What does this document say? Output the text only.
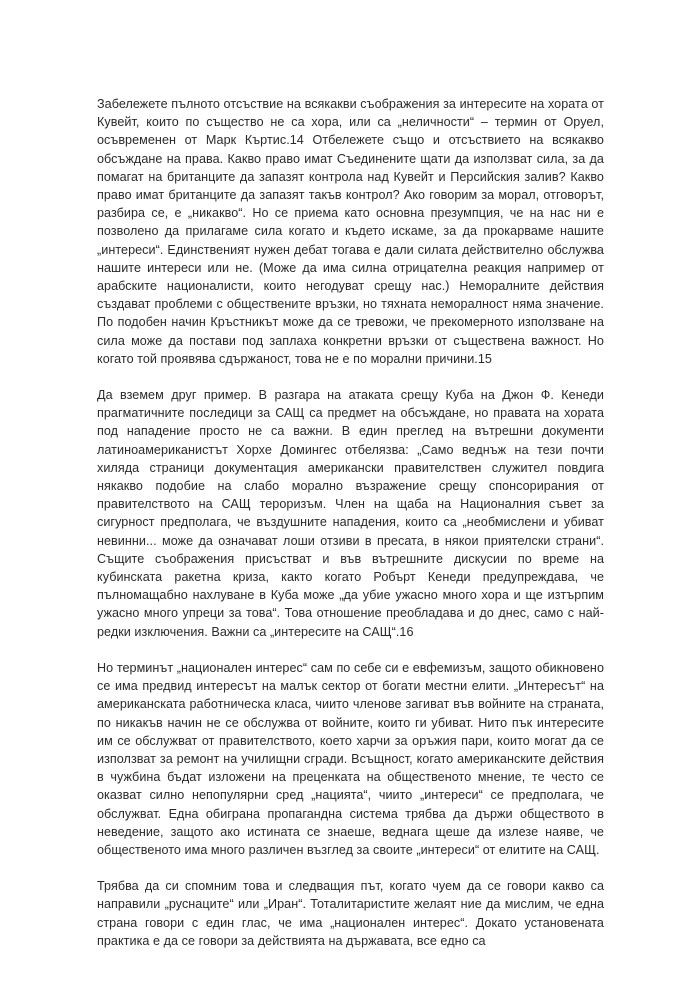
Забележете пълното отсъствие на всякакви съображения за интересите на хората от Кувейт, които по същество не са хора, или са „неличности“ – термин от Оруел, осъвременен от Марк Къртис.14 Отбележете също и отсъствието на всякакво обсъждане на права. Какво право имат Съединените щати да използват сила, за да помагат на британците да запазят контрола над Кувейт и Персийския залив? Какво право имат британците да запазят такъв контрол? Ако говорим за морал, отговорът, разбира се, е „никакво“. Но се приема като основна презумпция, че на нас ни е позволено да прилагаме сила когато и където искаме, за да прокарваме нашите „интереси“. Единственият нужен дебат тогава е дали силата действително обслужва нашите интереси или не. (Може да има силна отрицателна реакция например от арабските националисти, които негодуват срещу нас.) Неморалните действия създават проблеми с обществените връзки, но тяхната неморалност няма значение. По подобен начин Кръстникът може да се тревожи, че прекомерното използване на сила може да постави под заплаха конкретни връзки от съществена важност. Но когато той проявява сдържаност, това не е по морални причини.15

Да вземем друг пример. В разгара на атаката срещу Куба на Джон Ф. Кенеди прагматичните последици за САЩ са предмет на обсъждане, но правата на хората под нападение просто не са важни. В един преглед на вътрешни документи латиноамериканистът Хорхе Домингес отбелязва: „Само веднъж на тези почти хиляда страници документация американски правителствен служител повдига някакво подобие на слабо морално възражение срещу спонсорирания от правителството на САЩ тероризъм. Член на щаба на Националния съвет за сигурност предполага, че въздушните нападения, които са „необмислени и убиват невинни... може да означават лоши отзиви в пресата, в някои приятелски страни“. Същите съображения присъстват и във вътрешните дискусии по време на кубинската ракетна криза, както когато Робърт Кенеди предупреждава, че пълномащабно нахлуване в Куба може „да убие ужасно много хора и ще изтърпим ужасно много упреци за това“. Това отношение преобладава и до днес, само с най-редки изключения. Важни са „интересите на САЩ“.16

Но терминът „национален интерес“ сам по себе си е евфемизъм, защото обикновено се има предвид интересът на малък сектор от богати местни елити. „Интересът“ на американската работническа класа, чиито членове загиват във войните на страната, по никакъв начин не се обслужва от войните, които ги убиват. Нито пък интересите им се обслужват от правителството, което харчи за оръжия пари, които могат да се използват за ремонт на училищни сгради. Всъщност, когато американските действия в чужбина бъдат изложени на преценката на общественото мнение, те често се оказват силно непопулярни сред „нацията“, чиито „интереси“ се предполага, че обслужват. Една обиграна пропагандна система трябва да държи обществото в неведение, защото ако истината се знаеше, веднага щеше да излезе наяве, че общественото има много различен възглед за своите „интереси“ от елитите на САЩ.

Трябва да си спомним това и следващия път, когато чуем да се говори какво са направили „руснаците“ или „Иран“. Тоталитаристите желаят ние да мислим, че една страна говори с един глас, че има „национален интерес“. Докато установената практика е да се говори за действията на държавата, все едно са
